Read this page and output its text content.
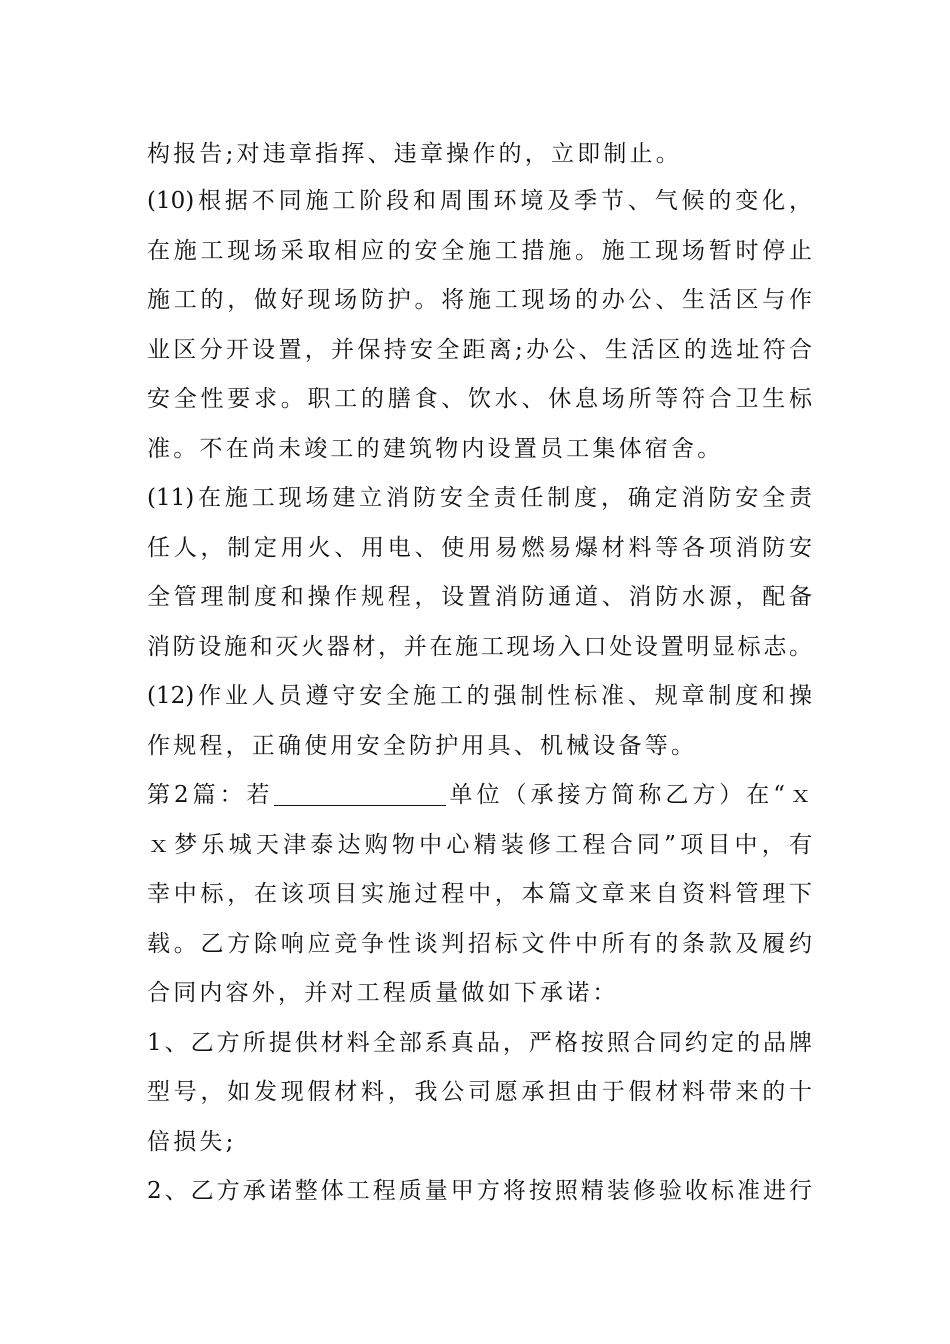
构报告;对违章指挥、违章操作的，立即制止。
(10)根据不同施工阶段和周围环境及季节、气候的变化，
在施工现场采取相应的安全施工措施。施工现场暂时停止
施工的，做好现场防护。将施工现场的办公、生活区与作
业区分开设置，并保持安全距离;办公、生活区的选址符合
安全性要求。职工的膳食、饮水、休息场所等符合卫生标
准。不在尚未竣工的建筑物内设置员工集体宿舍。
(11)在施工现场建立消防安全责任制度，确定消防安全责
任人，制定用火、用电、使用易燃易爆材料等各项消防安
全管理制度和操作规程，设置消防通道、消防水源，配备
消防设施和灭火器材，并在施工现场入口处设置明显标志。
(12)作业人员遵守安全施工的强制性标准、规章制度和操
作规程，正确使用安全防护用具、机械设备等。
第2篇：若	单位（承接方简称乙方）在“ｘ
ｘ梦乐城天津泰达购物中心精装修工程合同”项目中，有
幸中标，在该项目实施过程中，本篇文章来自资料管理下
载。乙方除响应竞争性谈判招标文件中所有的条款及履约
合同内容外，并对工程质量做如下承诺：
1、乙方所提供材料全部系真品，严格按照合同约定的品牌
型号，如发现假材料，我公司愿承担由于假材料带来的十
倍损失;
2、乙方承诺整体工程质量甲方将按照精装修验收标准进行
